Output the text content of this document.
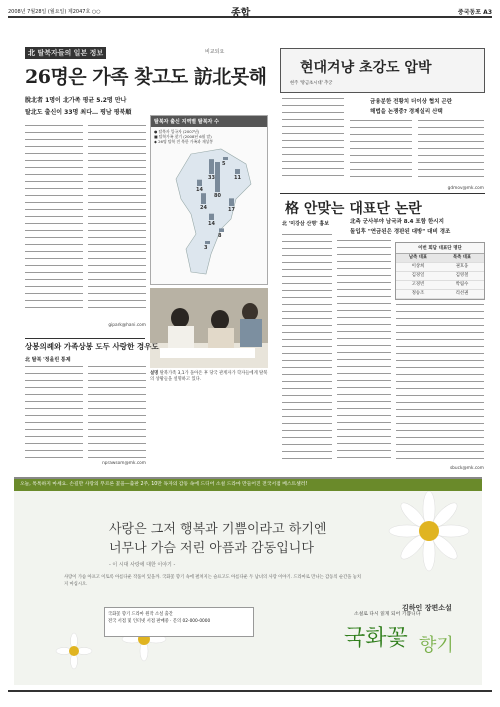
2008년 7월28일 (월요일) 제2047호 ○○	종합	중국동포 A3
北 탈북자들의 일본 정보	비교되요
26명은 가족 찾고도 訪北못해
脫北者 1명이 北가족 평균 5.2명 만나
탈北도 출신이 33명 최다… 평남 평북順
gipark@hani.com
탈북자 출신 지역별 탈북자 수
● 탈북자 입국자 (2007년)
■ 탈북가족 찾기 (2008년 6월 말)
◆ 26명 탈북 전 북한 가족과 재상봉
5
33	11
14
80
24	17
14
8
3
설명 탈북가족 3,1가 돌아온 후 당국 관계자가 학자들에게 탈북의 상황들을 설명하고 있다.
상봉의례와 가족상봉 도두 사랑한 경우도
北 탈북 '정을린 통제
nprawsom@mk.com
현대겨냥 초강도 압박
현주 '방금초시대' 추궁
금융분한 전황치 더이상 협치 곤란
해법을 논쟁중? 경제실리 산택
gdmov@mk.com
格 안맞는 대표단 논란
北 '미강삼 산명' 흉보	北측 군사부야 남국과 8.4 포함 한시지
돌입후 "연금된은 경판된 대방" 대비 경조
이번 회담 대표단 명단
남측 대표	북측 대표
이상희	권호웅
김경일	김영철
고경빈	박림수
정승조	리선권
sbuck@mk.com
오늘, 톡톡하지 마세요. 손길만 사랑의 푸르른 꽃을—출판 2주, 10만 독자의 감동 속에 드디어 소설 드라마 만들어진 전국서점 베스트셀러!
사랑은 그저 행복과 기쁨이라고 하기엔
너무나 가슴 저린 아픔과 감동입니다
- 이 시대 사랑에 대한 이야기 -
사랑이 가슴 아프고 이토록 아름다운 작품이 있을까. 국화꽃 향기 속에 펼쳐지는 슬프고도 아름다운 두 남녀의 사랑 이야기. 드라마로 만나는 감동의 순간을 놓치지 마십시오.
국화꽃 향기 드라마 원작 소설 출간
전국 서점 및 인터넷 서점 판매중 · 문의 02-000-0000
소설로 다시 읽게 되어 기쁩니다
김하인 장편소설
국화꽃 향기
